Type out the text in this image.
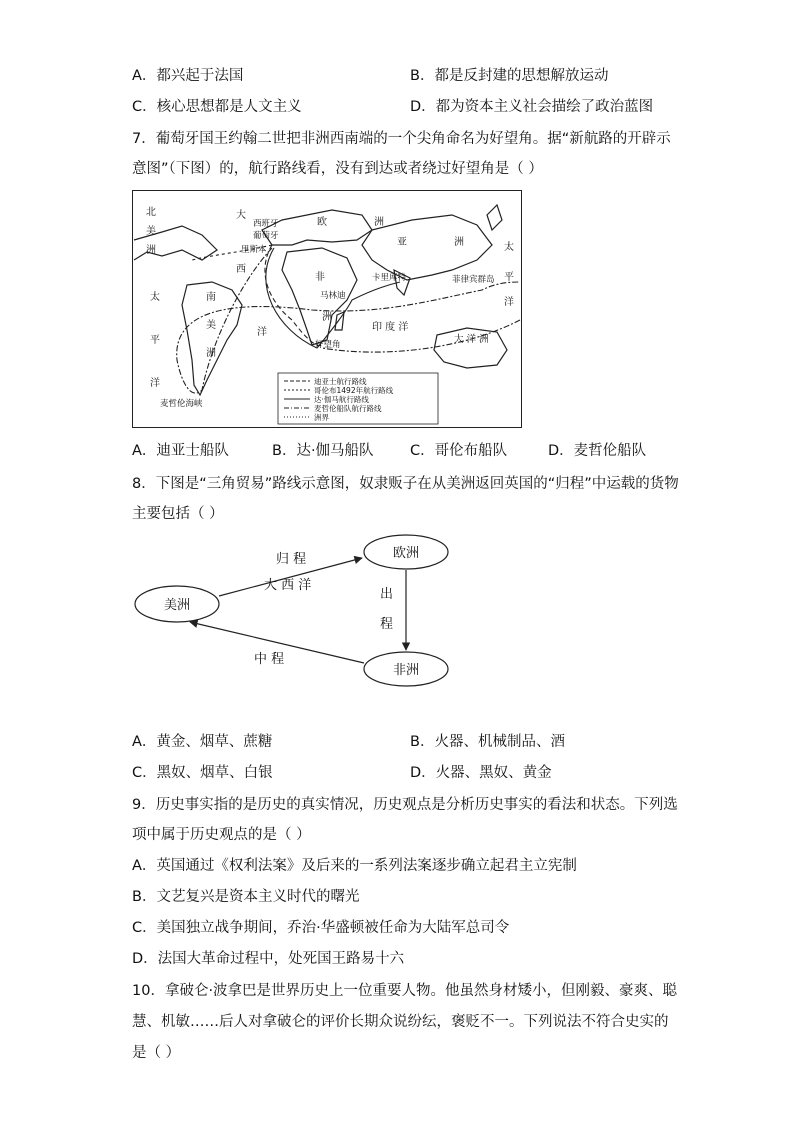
A．都兴起于法国	B．都是反封建的思想解放运动
C．核心思想都是人文主义	D．都为资本主义社会描绘了政治蓝图
7．葡萄牙国王约翰二世把非洲西南端的一个尖角命名为好望角。据“新航路的开辟示
意图”（下图）的，航行路线看，没有到达或者绕过好望角是（ ）
北
美
洲
大
西
洋
西班牙
葡萄牙
里斯本
欧	洲
亚	洲	太
平
洋
非
洲
卡里库特	菲律宾群岛
马林迪
南
美
洲
太
平
洋
印 度 洋
大 洋 洲
好望角
麦哲伦海峡
迪亚士航行路线
哥伦布1492年航行路线
达·伽马航行路线
麦哲伦船队航行路线
洲界
A．迪亚士船队	B．达·伽马船队	C．哥伦布船队	D．麦哲伦船队
8．下图是“三角贸易”路线示意图，奴隶贩子在从美洲返回英国的“归程”中运载的货物
主要包括（ ）
欧洲
美洲
非洲
归 程
大 西 洋
出
程
中 程
A．黄金、烟草、蔗糖	B．火器、机械制品、酒
C．黑奴、烟草、白银	D．火器、黑奴、黄金
9．历史事实指的是历史的真实情况，历史观点是分析历史事实的看法和状态。下列选
项中属于历史观点的是（ ）
A．英国通过《权利法案》及后来的一系列法案逐步确立起君主立宪制
B．文艺复兴是资本主义时代的曙光
C．美国独立战争期间，乔治·华盛顿被任命为大陆军总司令
D．法国大革命过程中，处死国王路易十六
10．拿破仑·波拿巴是世界历史上一位重要人物。他虽然身材矮小，但刚毅、豪爽、聪
慧、机敏……后人对拿破仑的评价长期众说纷纭，褒贬不一。下列说法不符合史实的
是（ ）
